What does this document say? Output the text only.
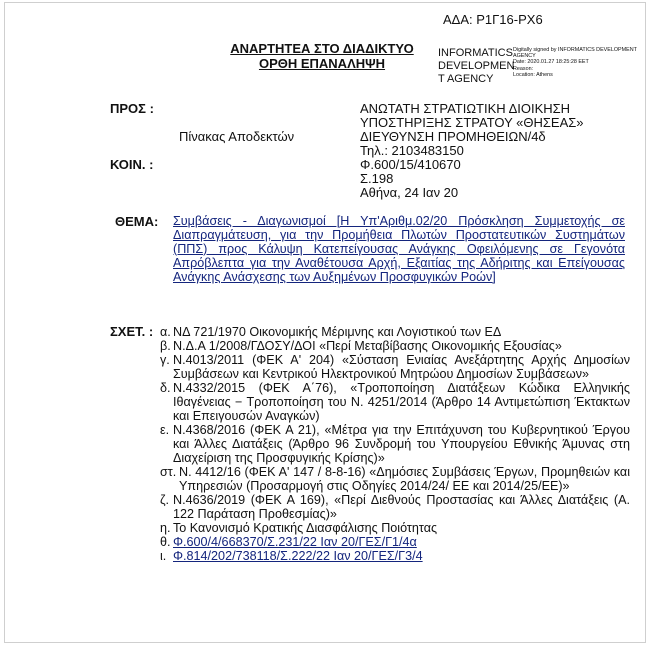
ΑΔΑ: Ρ1Γ16-ΡΧ6
ΑΝΑΡΤΗΤΕΑ ΣΤΟ ΔΙΑΔΙΚΤΥΟ
ΟΡΘΗ ΕΠΑΝΑΛΗΨΗ
INFORMATICS DEVELOPMEN T AGENCY
Digitally signed by INFORMATICS DEVELOPMENT AGENCY
Date: 2020.01.27 18:25:28 EET
Reason:
Location: Athens
ΠΡΟΣ :	ΑΝΩΤΑΤΗ ΣΤΡΑΤΙΩΤΙΚΗ ΔΙΟΙΚΗΣΗ
ΥΠΟΣΤΗΡΙΞΗΣ ΣΤΡΑΤΟΥ «ΘΗΣΕΑΣ»
Πίνακας Αποδεκτών	ΔΙΕΥΘΥΝΣΗ ΠΡΟΜΗΘΕΙΩΝ/4δ
Τηλ.: 2103483150
ΚΟΙΝ. :	Φ.600/15/410670
Σ.198
Αθήνα, 24 Ιαν 20
ΘΕΜΑ: Συμβάσεις - Διαγωνισμοί [Η Υπ'Αριθμ.02/20 Πρόσκληση Συμμετοχής σε Διαπραγμάτευση, για την Προμήθεια Πλωτών Προστατευτικών Συστημάτων (ΠΠΣ) προς Κάλυψη Κατεπείγουσας Ανάγκης Οφειλόμενης σε Γεγονότα Απρόβλεπτα για την Αναθέτουσα Αρχή, Εξαιτίας της Αδήριτης και Επείγουσας Ανάγκης Ανάσχεσης των Αυξημένων Προσφυγικών Ροών]
ΣΧΕΤ. : α. ΝΔ 721/1970 Οικονομικής Μέριμνης και Λογιστικού των ΕΔ
β. Ν.Δ.Α 1/2008/ΓΔΟΣΥ/ΔΟΙ «Περί Μεταβίβασης Οικονομικής Εξουσίας»
γ. Ν.4013/2011 (ΦΕΚ Α' 204) «Σύσταση Ενιαίας Ανεξάρτητης Αρχής Δημοσίων Συμβάσεων και Κεντρικού Ηλεκτρονικού Μητρώου Δημοσίων Συμβάσεων»
δ. Ν.4332/2015 (ΦΕΚ Α΄76), «Τροποποίηση Διατάξεων Κώδικα Ελληνικής Ιθαγένειας − Τροποποίηση του Ν. 4251/2014 (Άρθρο 14 Αντιμετώπιση Έκτακτων και Επειγουσών Αναγκών)
ε. Ν.4368/2016 (ΦΕΚ Α 21), «Μέτρα για την Επιτάχυνση του Κυβερνητικού Έργου και Άλλες Διατάξεις (Άρθρο 96 Συνδρομή του Υπουργείου Εθνικής Άμυνας στη Διαχείριση της Προσφυγικής Κρίσης)»
στ. Ν. 4412/16 (ΦΕΚ Α' 147 / 8-8-16) «Δημόσιες Συμβάσεις Έργων, Προμηθειών και Υπηρεσιών (Προσαρμογή στις Οδηγίες 2014/24/ ΕΕ και 2014/25/ΕΕ)»
ζ. Ν.4636/2019 (ΦΕΚ Α 169), «Περί Διεθνούς Προστασίας και Άλλες Διατάξεις (Α. 122 Παράταση Προθεσμίας)»
η. Το Κανονισμό Κρατικής Διασφάλισης Ποιότητας
θ. Φ.600/4/668370/Σ.231/22 Ιαν 20/ΓΕΣ/Γ1/4α
ι. Φ.814/202/738118/Σ.222/22 Ιαν 20/ΓΕΣ/Γ3/4
